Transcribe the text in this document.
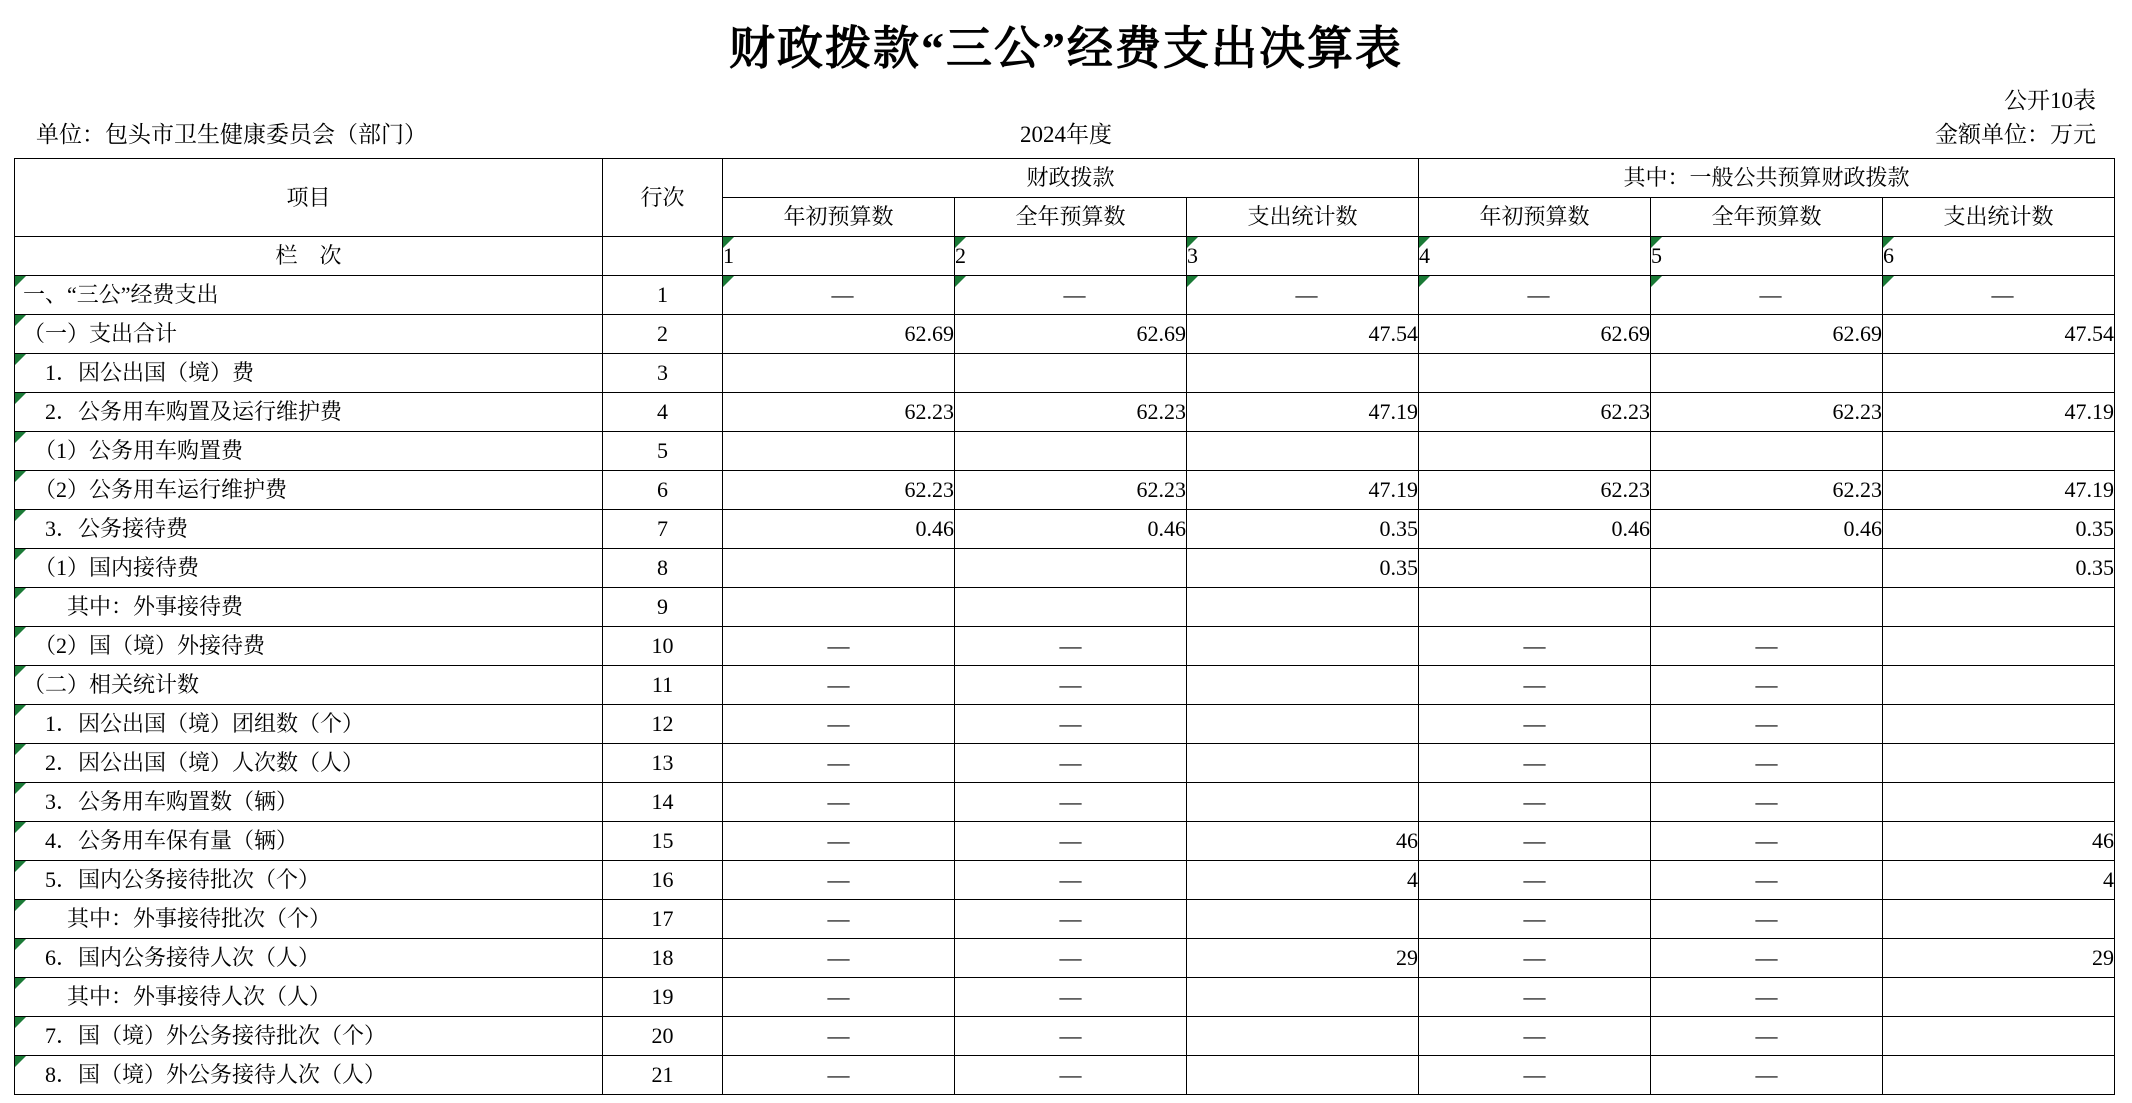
财政拨款“三公”经费支出决算表
公开10表
单位：包头市卫生健康委员会（部门）	2024年度	金额单位：万元
项目	行次	财政拨款			其中：一般公共预算财政拨款		
		年初预算数	全年预算数	支出统计数	年初预算数	全年预算数	支出统计数
栏　次		1	2	3	4	5	6

一、“三公”经费支出	1	—	—	—	—	—	—

（一）支出合计	2	62.69	62.69	47.54	62.69	62.69	47.54

　1．因公出国（境）费	3						

　2．公务用车购置及运行维护费	4	62.23	62.23	47.19	62.23	62.23	47.19

　（1）公务用车购置费	5						

　（2）公务用车运行维护费	6	62.23	62.23	47.19	62.23	62.23	47.19

　3．公务接待费	7	0.46	0.46	0.35	0.46	0.46	0.35

　（1）国内接待费	8			0.35			0.35

　　其中：外事接待费	9						

　（2）国（境）外接待费	10	—	—		—	—	

（二）相关统计数	11	—	—		—	—	

　1．因公出国（境）团组数（个）	12	—	—		—	—	

　2．因公出国（境）人次数（人）	13	—	—		—	—	

　3．公务用车购置数（辆）	14	—	—		—	—	

　4．公务用车保有量（辆）	15	—	—	46	—	—	46

　5．国内公务接待批次（个）	16	—	—	4	—	—	4

　　其中：外事接待批次（个）	17	—	—		—	—	

　6．国内公务接待人次（人）	18	—	—	29	—	—	29

　　其中：外事接待人次（人）	19	—	—		—	—	

　7．国（境）外公务接待批次（个）	20	—	—		—	—	

　8．国（境）外公务接待人次（人）	21	—	—		—	—	
